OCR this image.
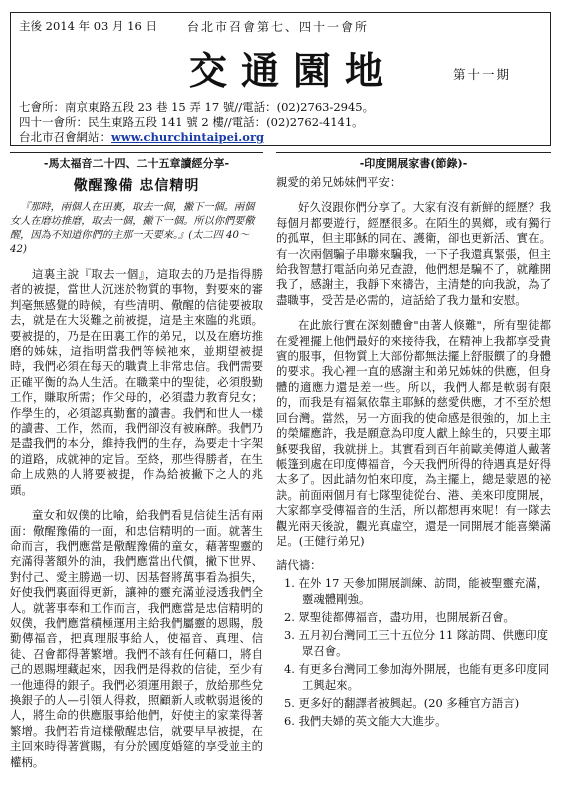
主後 2014 年 03 月 16 日	台北市召會第七、四十一會所
交通園地	第十一期
七會所：南京東路五段 23 巷 15 弄 17 號//電話：(02)2763-2945。
四十一會所：民生東路五段 141 號 2 樓//電話：(02)2762-4141。
台北市召會網站：www.churchintaipei.org
-馬太福音二十四、二十五章讀經分享-
儆醒豫備 忠信精明
『那時，兩個人在田裏，取去一個，撇下一個。兩個女人在磨坊推磨，取去一個，撇下一個。所以你們要儆醒，因為不知道你們的主那一天要來。』(太二四 40～42)

這裏主說『取去一個』，這取去的乃是指得勝者的被提，當世人沉迷於物質的事物，對要來的審判毫無感覺的時候，有些清明、儆醒的信徒要被取去，就是在大災難之前被提，這是主來臨的兆頭。要被提的，乃是在田裏工作的弟兄，以及在磨坊推磨的姊妹，這指明當我們等候祂來，並期望被提時，我們必須在每天的職責上非常忠信。我們需要正確平衡的為人生活。在職業中的聖徒，必須殷勤工作，賺取所需；作父母的，必須盡力教育兒女；作學生的，必須認真勤奮的讀書。我們和世人一樣的讀書、工作，然而，我們卻沒有被麻醉。我們乃是盡我們的本分，維持我們的生存，為要走十字架的道路，成就神的定旨。至終，那些得勝者，在生命上成熟的人將要被提，作為給被撇下之人的兆頭。

童女和奴僕的比喻，給我們看見信徒生活有兩面：儆醒豫備的一面，和忠信精明的一面。就著生命而言，我們應當是儆醒豫備的童女，藉著聖靈的充滿得著額外的油，我們應當出代價，撇下世界、對付己、愛主勝過一切、因基督將萬事看為損失，好使我們裏面得更新，讓神的靈充滿並浸透我們全人。就著事奉和工作而言，我們應當是忠信精明的奴僕，我們應當積極運用主給我們屬靈的恩賜，殷勤傳福音，把真理服事給人，使福音、真理、信徒、召會都得著繁增。我們不該有任何藉口，將自己的恩賜埋藏起來，因我們是得救的信徒，至少有一他連得的銀子。我們必須運用銀子，放給那些兌換銀子的人—引領人得救，照顧新人或軟弱退後的人，將生命的供應服事給他們，好使主的家業得著繁增。我們若肯這樣儆醒忠信，就要早早被提，在主回來時得著賞賜，有分於國度婚筵的享受並主的權柄。

-印度開展家書(節錄)-
親愛的弟兄姊妹們平安：

好久沒跟你們分享了。大家有沒有新鮮的經歷？我每個月都要遊行，經歷很多。在陌生的異鄉，或有獨行的孤單，但主耶穌的同在、護衛，卻也更新活、實在。有一次兩個騙子串聯來騙我，一下子我還真緊張，但主給我智慧打電話向弟兄查證，他們想是騙不了，就離開我了，感謝主，我靜下來禱告，主清楚的向我說，為了盡職事，受苦是必需的，這話給了我力量和安慰。

在此旅行實在深刻體會"由著人倏難"，所有聖徒都在愛裡擺上他們最好的來接待我，在精神上我都享受貴賓的服事，但物質上大部份都無法擺上舒服饌了的身體的要求。我心裡一直的感謝主和弟兄姊妹的供應，但身體的適應力還是差一些。所以，我們人都是軟弱有限的，而我是有福氣依靠主耶穌的慈愛供應，才不至於想回台灣。當然，另一方面我的使命感是很強的，加上主的榮耀應許，我是願意為印度人獻上餘生的，只要主耶穌要我留，我就拼上。其實看到百年前歐美傳道人戴著帳篷到處在印度傳福音，今天我們所得的待遇真是好得太多了。因此請勿怕來印度，為主擺上，總是蒙恩的祕訣。前面兩個月有七隊聖徒從台、港、美來印度開展，大家都享受傳福音的生活，所以都想再來呢！有一隊去觀光兩天後說，觀光真虛空，還是一同開展才能喜樂滿足。(王健行弟兄)

請代禱：
1. 在外 17 天參加開展訓練、訪問，能被聖靈充滿，靈魂體剛強。
2. 眾聖徒都傳福音，盡功用，也開展新召會。
3. 五月初台灣同工三十五位分 11 隊訪問、供應印度眾召會。
4. 有更多台灣同工參加海外開展，也能有更多印度同工興起來。
5. 更多好的翻譯者被興起。(20 多種官方語言)
6. 我們夫婦的英文能大大進步。
